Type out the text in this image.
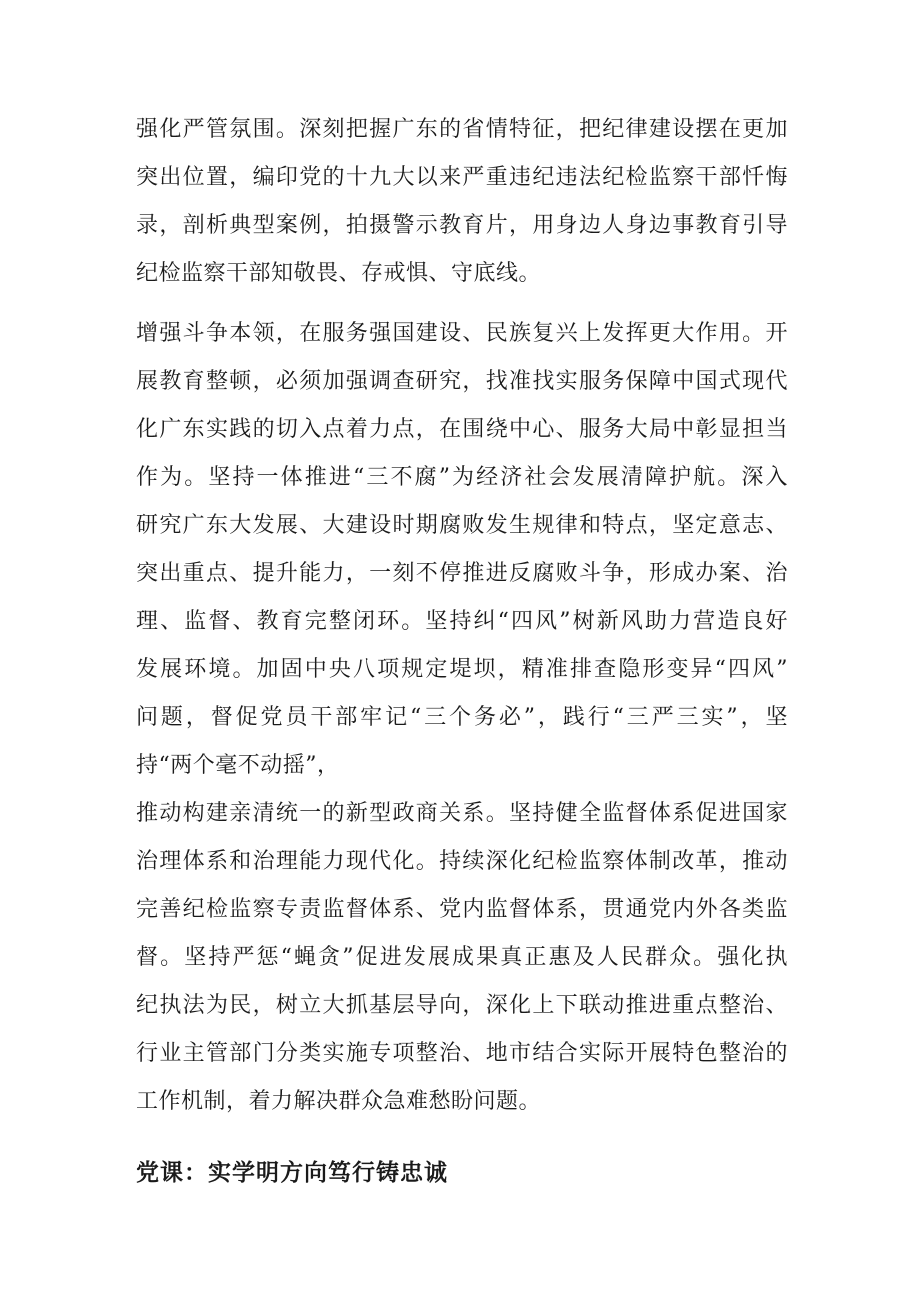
强化严管氛围。深刻把握广东的省情特征，把纪律建设摆在更加
突出位置，编印党的十九大以来严重违纪违法纪检监察干部忏悔
录，剖析典型案例，拍摄警示教育片，用身边人身边事教育引导
纪检监察干部知敬畏、存戒惧、守底线。
增强斗争本领，在服务强国建设、民族复兴上发挥更大作用。开
展教育整顿，必须加强调查研究，找准找实服务保障中国式现代
化广东实践的切入点着力点，在围绕中心、服务大局中彰显担当
作为。坚持一体推进“三不腐”为经济社会发展清障护航。深入
研究广东大发展、大建设时期腐败发生规律和特点，坚定意志、
突出重点、提升能力，一刻不停推进反腐败斗争，形成办案、治
理、监督、教育完整闭环。坚持纠“四风”树新风助力营造良好
发展环境。加固中央八项规定堤坝，精准排查隐形变异“四风”
问题，督促党员干部牢记“三个务必”，践行“三严三实”，坚
持“两个毫不动摇”，
推动构建亲清统一的新型政商关系。坚持健全监督体系促进国家
治理体系和治理能力现代化。持续深化纪检监察体制改革，推动
完善纪检监察专责监督体系、党内监督体系，贯通党内外各类监
督。坚持严惩“蝇贪”促进发展成果真正惠及人民群众。强化执
纪执法为民，树立大抓基层导向，深化上下联动推进重点整治、
行业主管部门分类实施专项整治、地市结合实际开展特色整治的
工作机制，着力解决群众急难愁盼问题。
党课：实学明方向笃行铸忠诚
